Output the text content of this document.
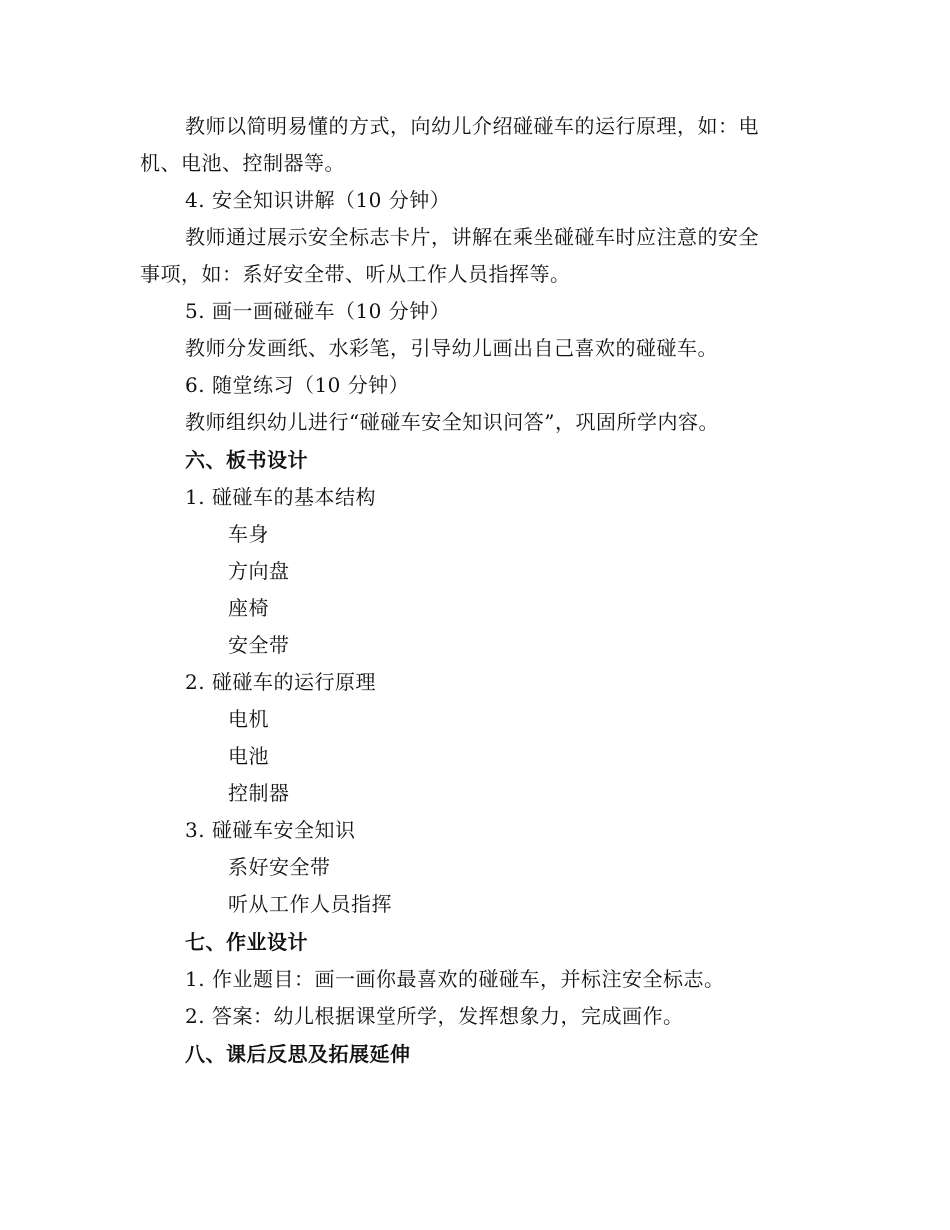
教师以简明易懂的方式，向幼儿介绍碰碰车的运行原理，如：电
机、电池、控制器等。
4. 安全知识讲解（10 分钟）
教师通过展示安全标志卡片，讲解在乘坐碰碰车时应注意的安全
事项，如：系好安全带、听从工作人员指挥等。
5. 画一画碰碰车（10 分钟）
教师分发画纸、水彩笔，引导幼儿画出自己喜欢的碰碰车。
6. 随堂练习（10 分钟）
教师组织幼儿进行“碰碰车安全知识问答”，巩固所学内容。
六、板书设计
1. 碰碰车的基本结构
车身
方向盘
座椅
安全带
2. 碰碰车的运行原理
电机
电池
控制器
3. 碰碰车安全知识
系好安全带
听从工作人员指挥
七、作业设计
1. 作业题目：画一画你最喜欢的碰碰车，并标注安全标志。
2. 答案：幼儿根据课堂所学，发挥想象力，完成画作。
八、课后反思及拓展延伸
